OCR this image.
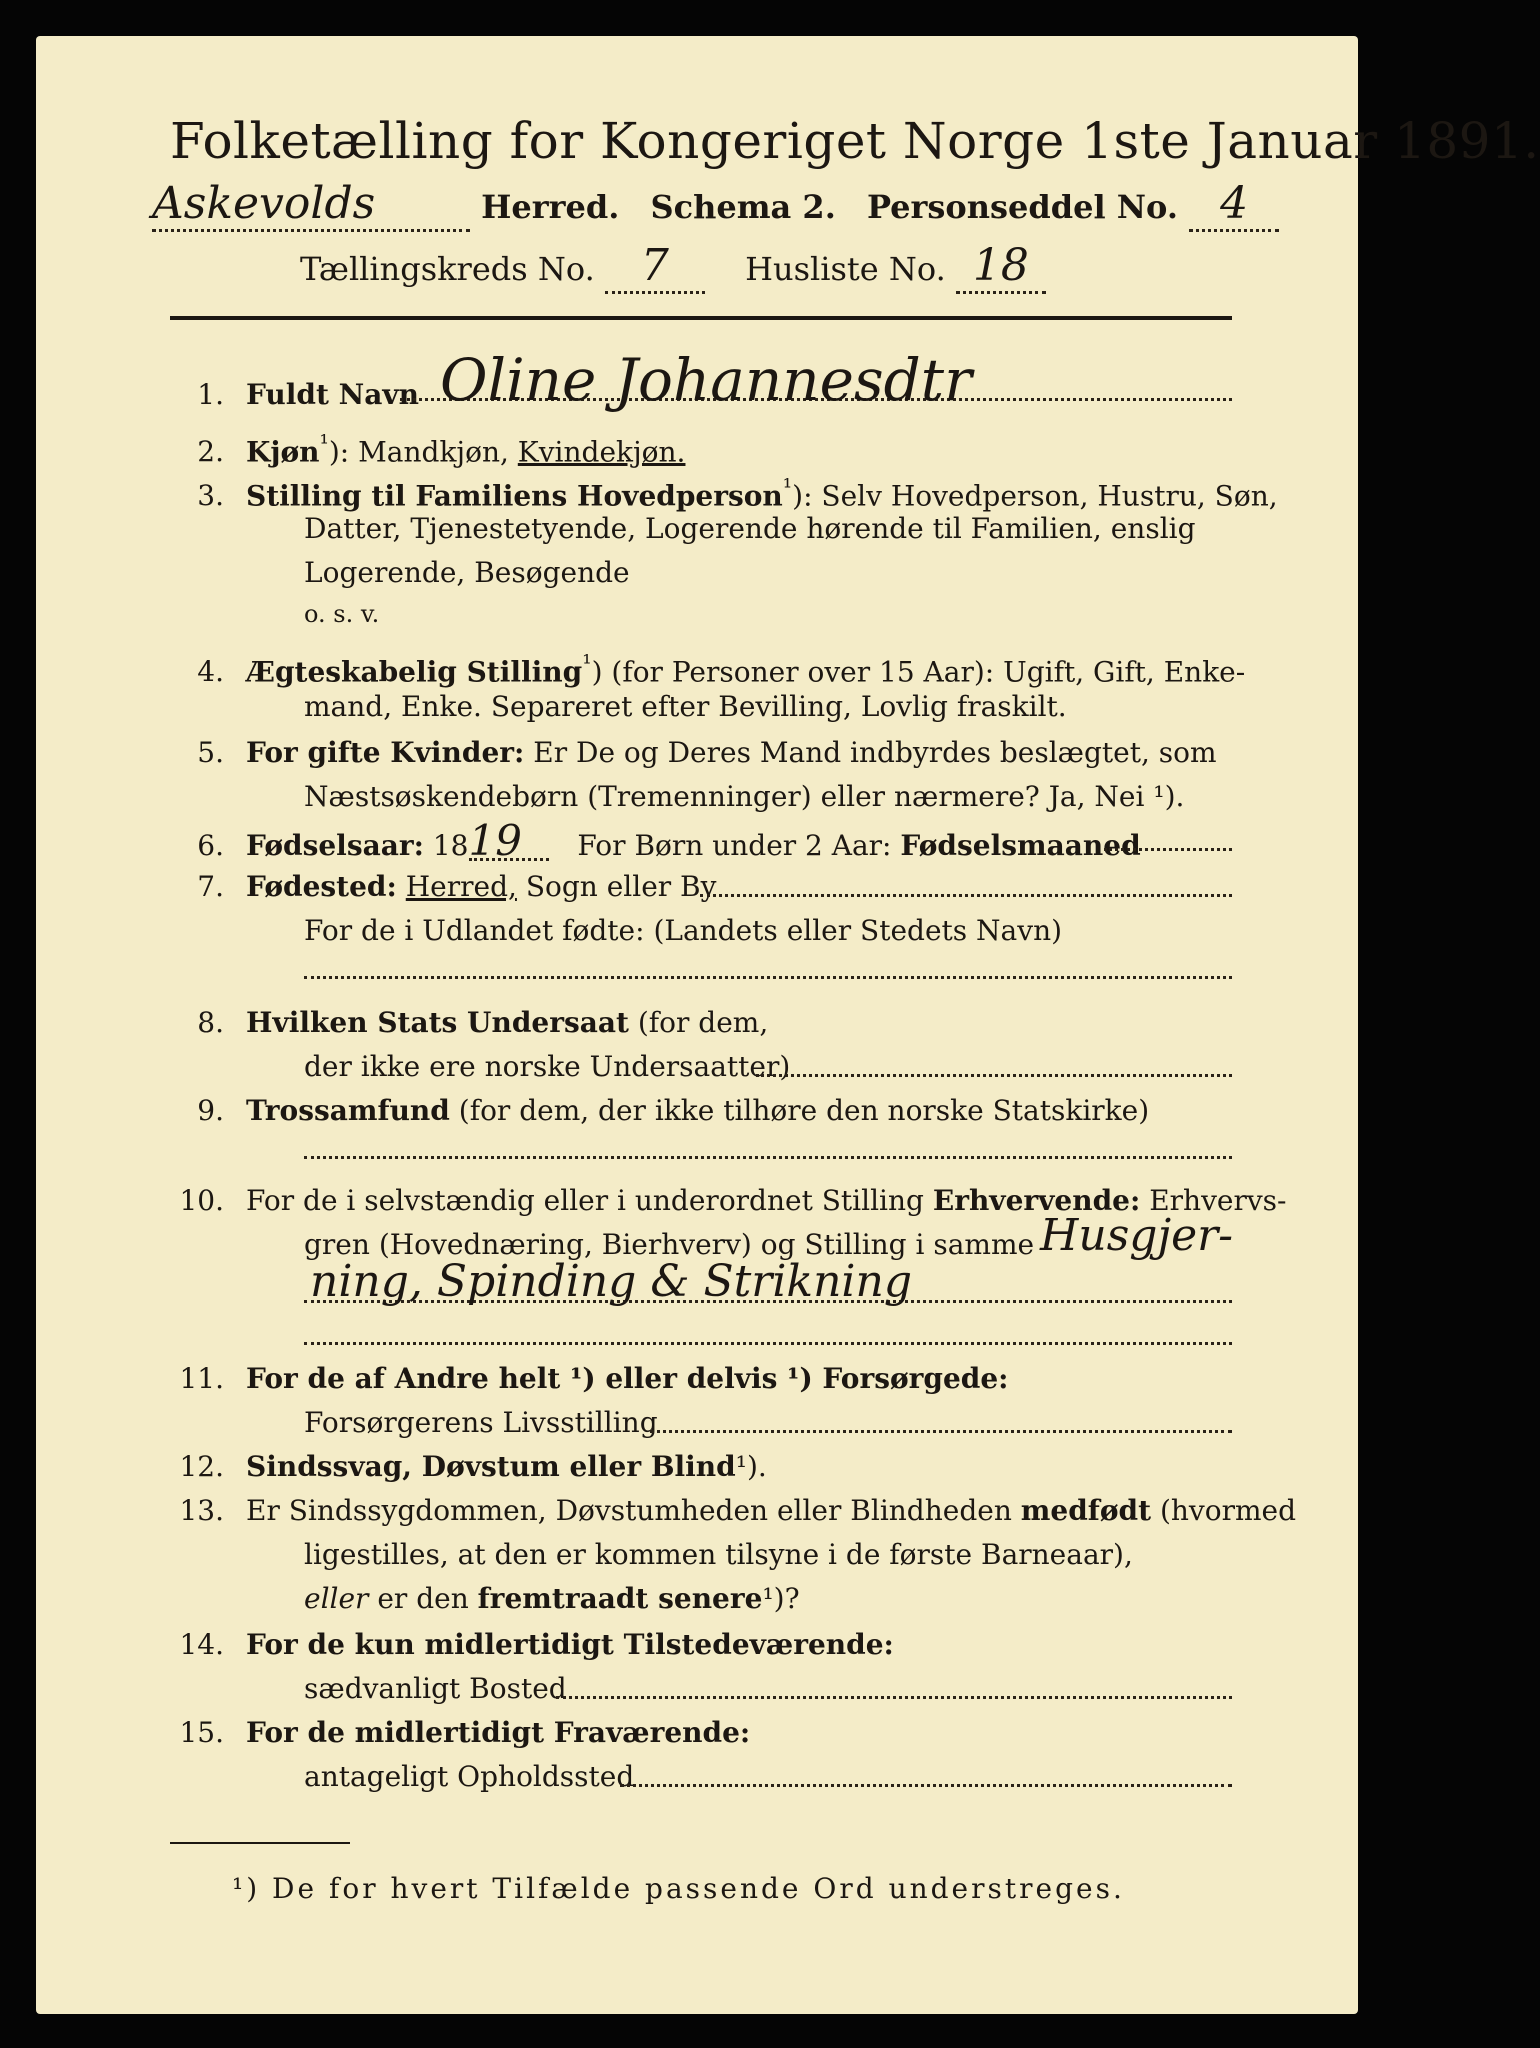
Folketælling for Kongeriget Norge 1ste Januar 1891.
Askevolds	Herred. Schema 2. Personseddel No. 4
Tællingskreds No. 7 Husliste No. 18
1. Fuldt Navn Oline Johannesdtr
2. Kjøn$^{^1}$): Mandkjøn, Kvindekjøn.
3. Stilling til Familiens Hovedperson$^{^1}$): Selv Hovedperson, Hustru, Søn,
Datter, Tjenestetyende, Logerende hørende til Familien, enslig
Logerende, Besøgende
o. s. v.
4. Ægteskabelig Stilling$^{^1}$) (for Personer over 15 Aar): Ugift, Gift, Enke-
mand, Enke. Separeret efter Bevilling, Lovlig fraskilt.
5. For gifte Kvinder: Er De og Deres Mand indbyrdes beslægtet, som
Næstsøskendebørn (Tremenninger) eller nærmere? Ja, Nei ¹).
6. Fødselsaar: 1819 For Børn under 2 Aar: Fødselsmaaned
7. Fødested: Herred, Sogn eller By
For de i Udlandet fødte: (Landets eller Stedets Navn)
8. Hvilken Stats Undersaat (for dem,
der ikke ere norske Undersaatter)
9. Trossamfund (for dem, der ikke tilhøre den norske Statskirke)
10. For de i selvstændig eller i underordnet Stilling Erhvervende: Erhvervs-
gren (Hovednæring, Bierhverv) og Stilling i samme Husgjer-
ning, Spinding & Strikning
11. For de af Andre helt ¹) eller delvis ¹) Forsørgede:
Forsørgerens Livsstilling
12. Sindssvag, Døvstum eller Blind¹).
13. Er Sindssygdommen, Døvstumheden eller Blindheden medfødt (hvormed
ligestilles, at den er kommen tilsyne i de første Barneaar),
eller er den fremtraadt senere¹)?
14. For de kun midlertidigt Tilstedeværende:
sædvanligt Bosted
15. For de midlertidigt Fraværende:
antageligt Opholdssted
¹) De for hvert Tilfælde passende Ord understreges.
